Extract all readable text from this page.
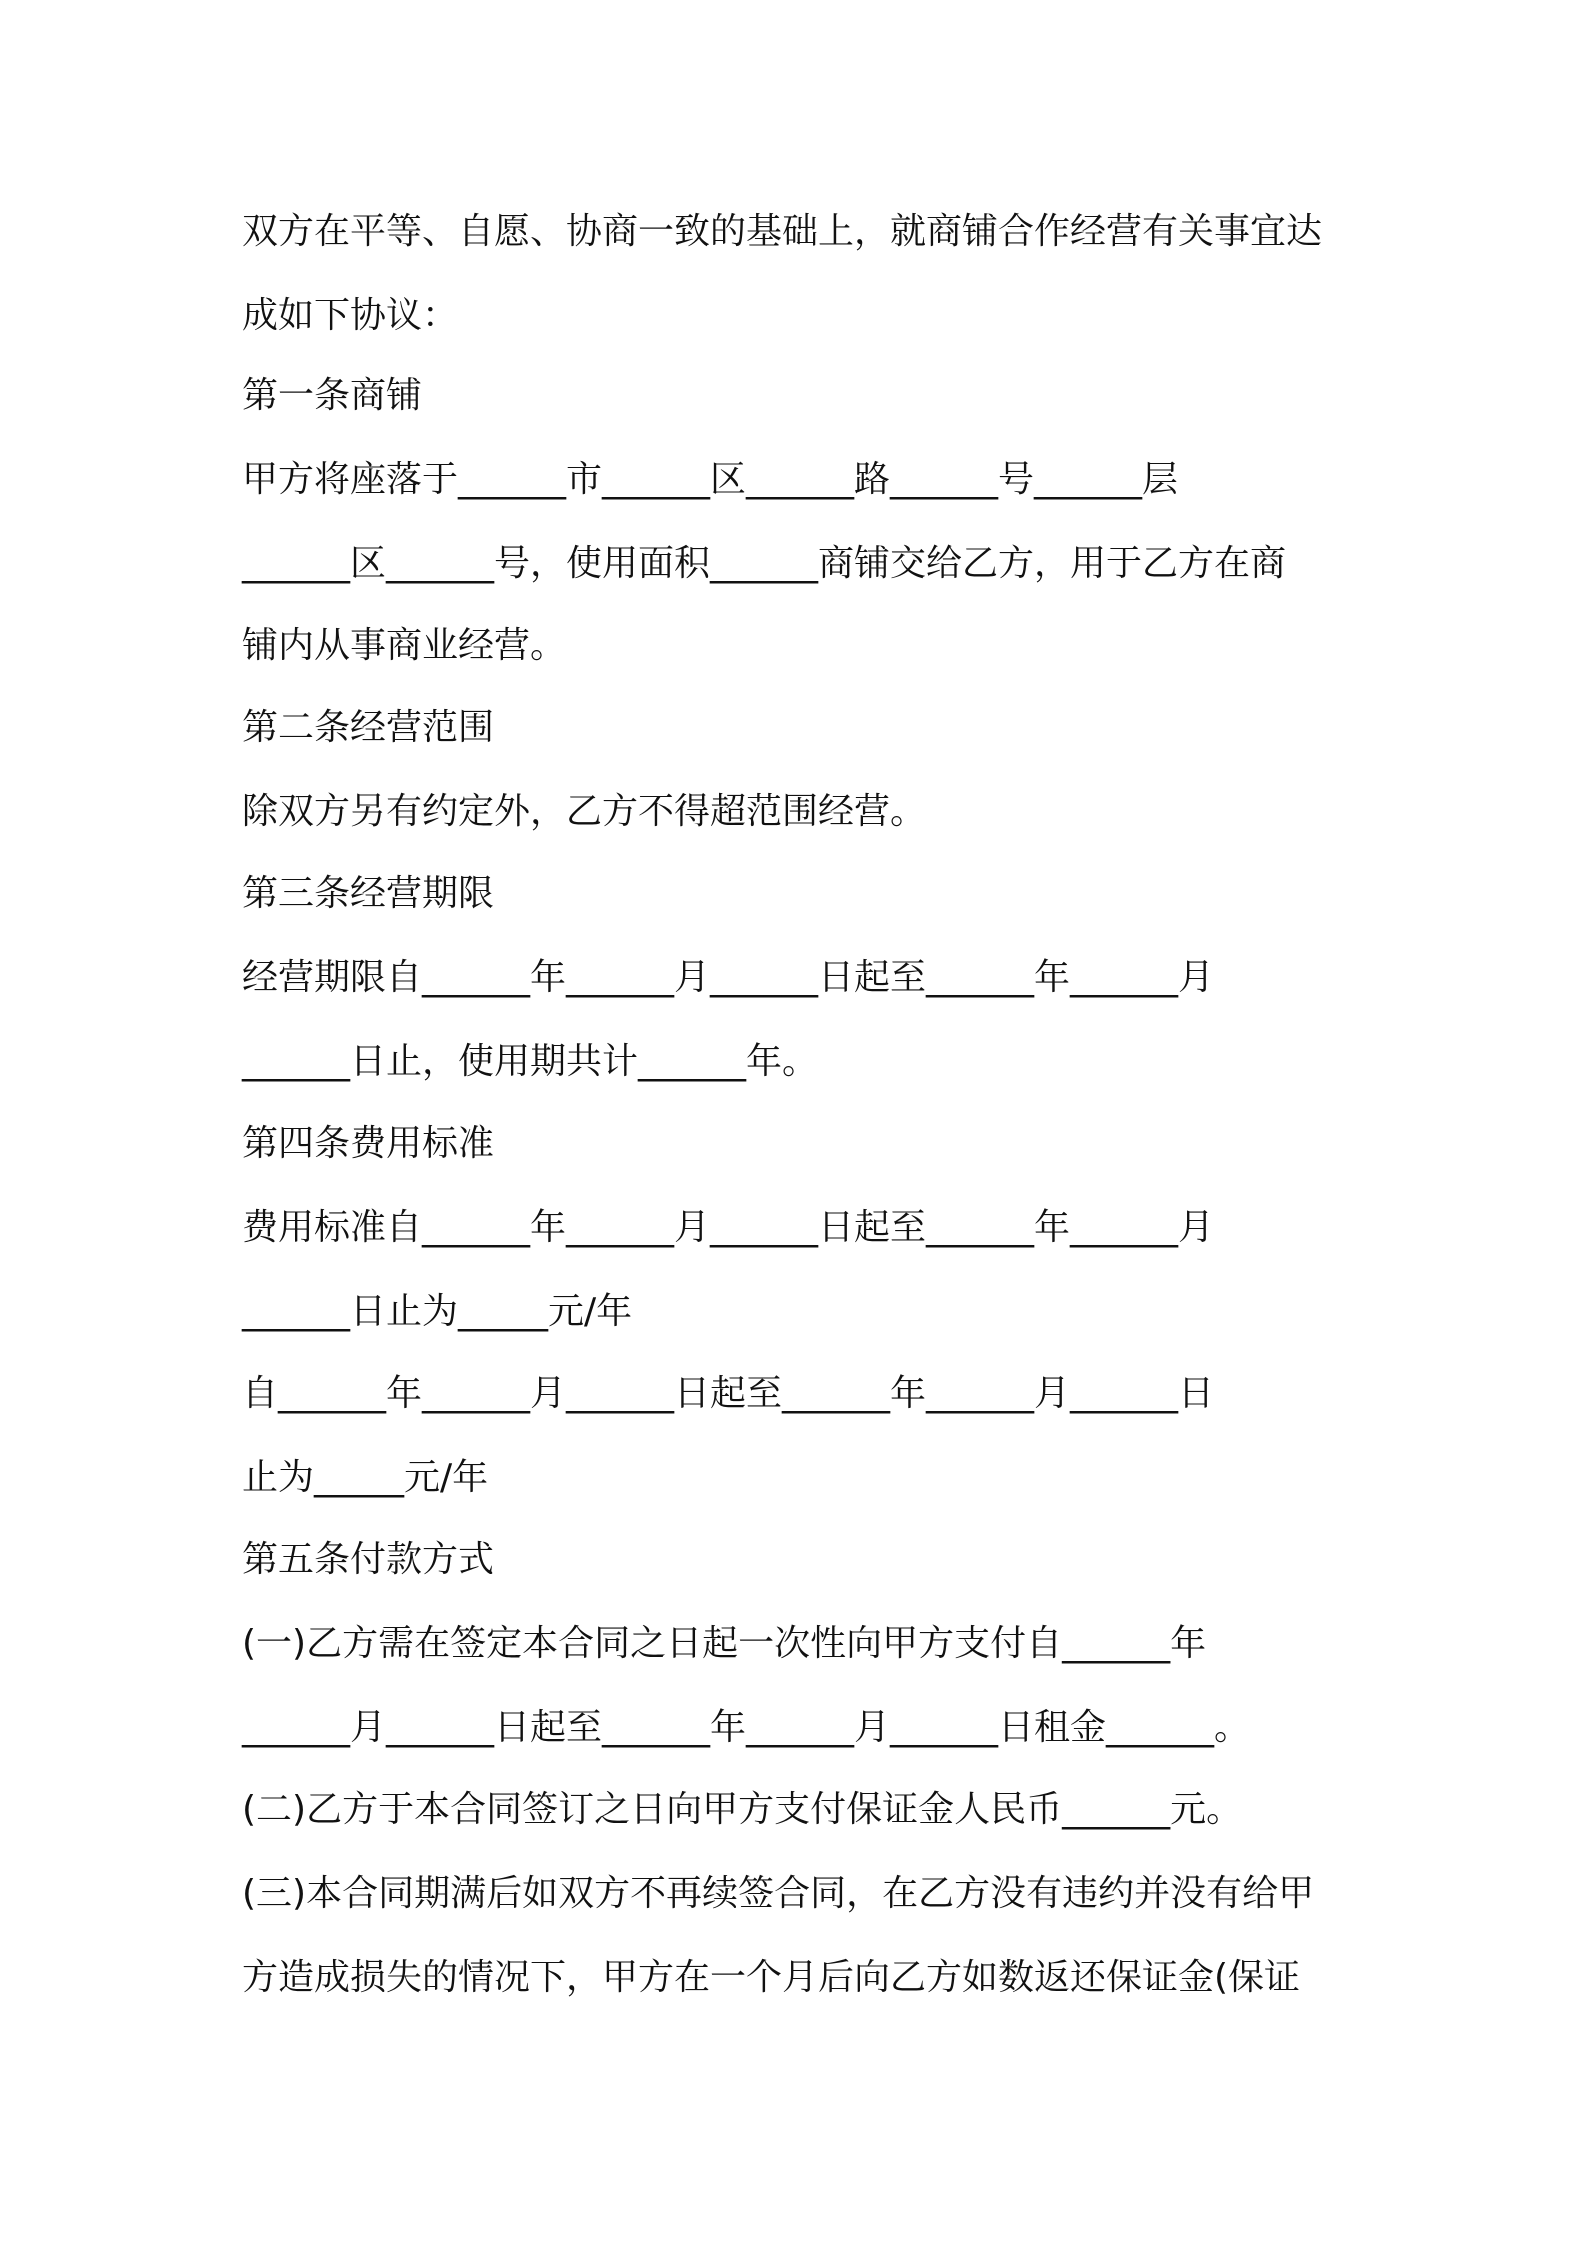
双方在平等、自愿、协商一致的基础上，就商铺合作经营有关事宜达

成如下协议：

第一条商铺

甲方将座落于______市______区______路______号______层

______区______号，使用面积______商铺交给乙方，用于乙方在商

铺内从事商业经营。

第二条经营范围

除双方另有约定外，乙方不得超范围经营。

第三条经营期限

经营期限自______年______月______日起至______年______月

______日止，使用期共计______年。

第四条费用标准

费用标准自______年______月______日起至______年______月

______日止为_____元/年

自______年______月______日起至______年______月______日

止为_____元/年

第五条付款方式

(一)乙方需在签定本合同之日起一次性向甲方支付自______年

______月______日起至______年______月______日租金______。

(二)乙方于本合同签订之日向甲方支付保证金人民币______元。

(三)本合同期满后如双方不再续签合同，在乙方没有违约并没有给甲

方造成损失的情况下，甲方在一个月后向乙方如数返还保证金(保证
